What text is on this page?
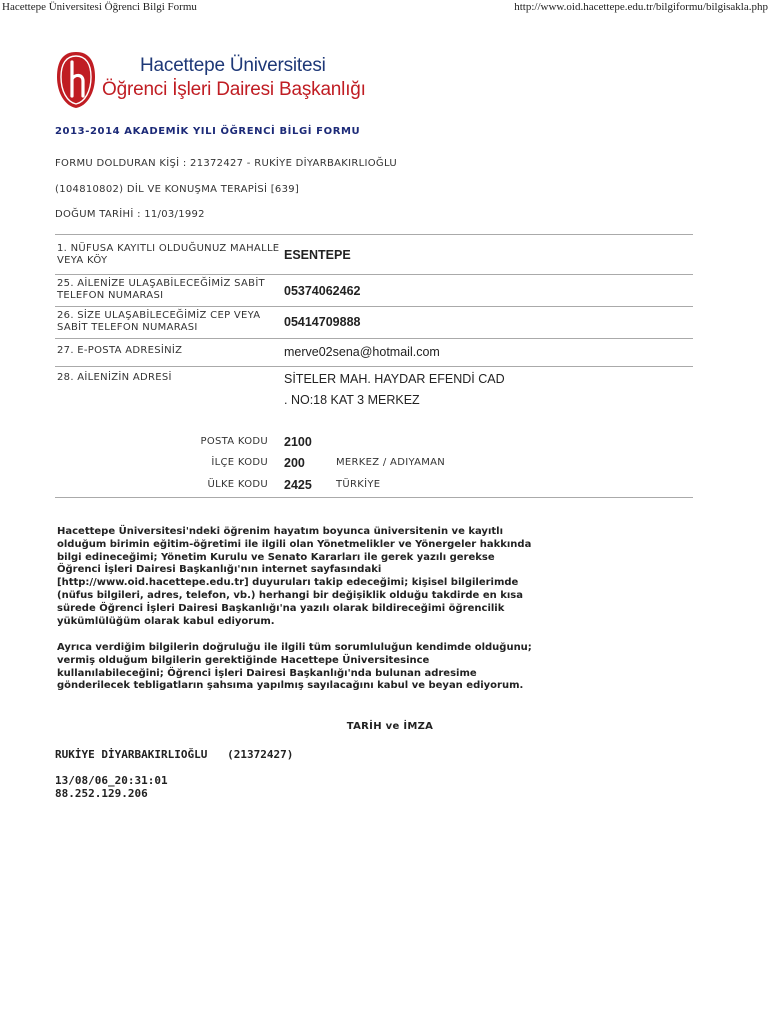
Hacettepe Üniversitesi Öğrenci Bilgi Formu	http://www.oid.hacettepe.edu.tr/bilgiformu/bilgisakla.php
Hacettepe Üniversitesi
Öğrenci İşleri Dairesi Başkanlığı
2013-2014 AKADEMİK YILI ÖĞRENCİ BİLGİ FORMU
FORMU DOLDURAN KİŞİ : 21372427 - RUKİYE DİYARBAKIRLIOĞLU
(104810802) DİL VE KONUŞMA TERAPİSİ [639]
DOĞUM TARİHİ : 11/03/1992
1. NÜFUSA KAYITLI OLDUĞUNUZ MAHALLE VEYA KÖY	ESENTEPE
25. AİLENİZE ULAŞABİLECEĞİMİZ SABİT TELEFON NUMARASI	05374062462
26. SİZE ULAŞABİLECEĞİMİZ CEP VEYA SABİT TELEFON NUMARASI	05414709888
27. E-POSTA ADRESİNİZ	merve02sena@hotmail.com
28. AİLENİZİN ADRESİ	SİTELER MAH. HAYDAR EFENDİ CAD
. NO:18 KAT 3 MERKEZ
POSTA KODU 2100
İLÇE KODU 200	MERKEZ / ADIYAMAN
ÜLKE KODU 2425 TÜRKİYE

Hacettepe Üniversitesi'ndeki öğrenim hayatım boyunca üniversitenin ve kayıtlı olduğum birimin eğitim-öğretimi ile ilgili olan Yönetmelikler ve Yönergeler hakkında bilgi edineceğimi; Yönetim Kurulu ve Senato Kararları ile gerek yazılı gerekse Öğrenci İşleri Dairesi Başkanlığı'nın internet sayfasındaki [http://www.oid.hacettepe.edu.tr] duyuruları takip edeceğimi; kişisel bilgilerimde (nüfus bilgileri, adres, telefon, vb.) herhangi bir değişiklik olduğu takdirde en kısa sürede Öğrenci İşleri Dairesi Başkanlığı'na yazılı olarak bildireceğimi öğrencilik yükümlülüğüm olarak kabul ediyorum.

Ayrıca verdiğim bilgilerin doğruluğu ile ilgili tüm sorumluluğun kendimde olduğunu; vermiş olduğum bilgilerin gerektiğinde Hacettepe Üniversitesince kullanılabileceğini; Öğrenci İşleri Dairesi Başkanlığı'nda bulunan adresime gönderilecek tebligatların şahsıma yapılmış sayılacağını kabul ve beyan ediyorum.

TARİH ve İMZA
RUKİYE DİYARBAKIRLIOĞLU   (21372427)
13/08/06_20:31:01
88.252.129.206
